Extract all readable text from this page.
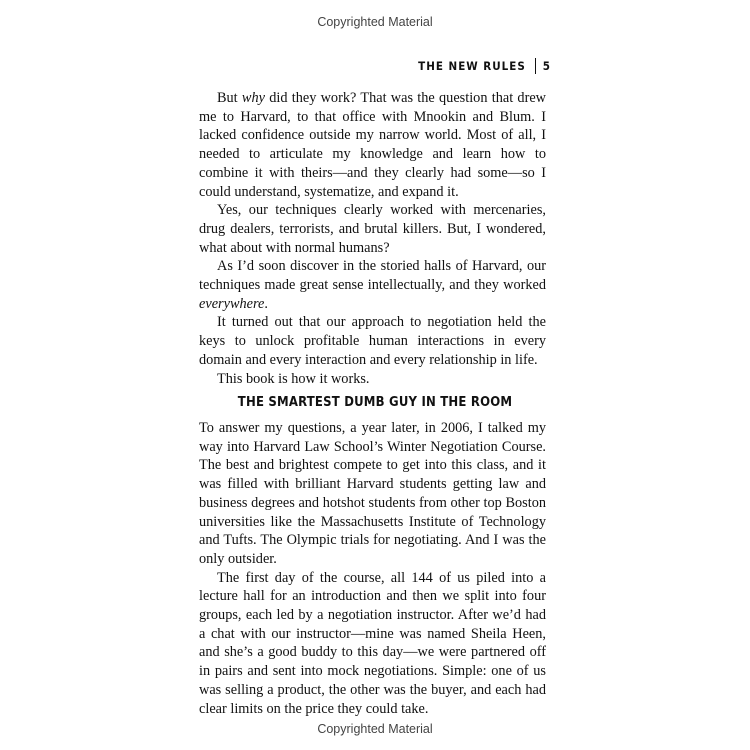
Copyrighted Material
THE NEW RULES 5

But why did they work? That was the question that drew me to Harvard, to that office with Mnookin and Blum. I lacked confidence outside my narrow world. Most of all, I needed to articulate my knowledge and learn how to combine it with theirs—and they clearly had some—so I could understand, systematize, and expand it.

Yes, our techniques clearly worked with mercenaries, drug dealers, terrorists, and brutal killers. But, I wondered, what about with normal humans?

As I’d soon discover in the storied halls of Harvard, our techniques made great sense intellectually, and they worked everywhere.

It turned out that our approach to negotiation held the keys to unlock profitable human interactions in every domain and every interaction and every relationship in life.

This book is how it works.

THE SMARTEST DUMB GUY IN THE ROOM

To answer my questions, a year later, in 2006, I talked my way into Harvard Law School’s Winter Negotiation Course. The best and brightest compete to get into this class, and it was filled with brilliant Harvard students getting law and business degrees and hotshot students from other top Boston universities like the Massachusetts Institute of Technology and Tufts. The Olympic trials for negotiating. And I was the only outsider.

The first day of the course, all 144 of us piled into a lecture hall for an introduction and then we split into four groups, each led by a negotiation instructor. After we’d had a chat with our instructor—mine was named Sheila Heen, and she’s a good buddy to this day—we were partnered off in pairs and sent into mock negotiations. Simple: one of us was selling a product, the other was the buyer, and each had clear limits on the price they could take.

Copyrighted Material
